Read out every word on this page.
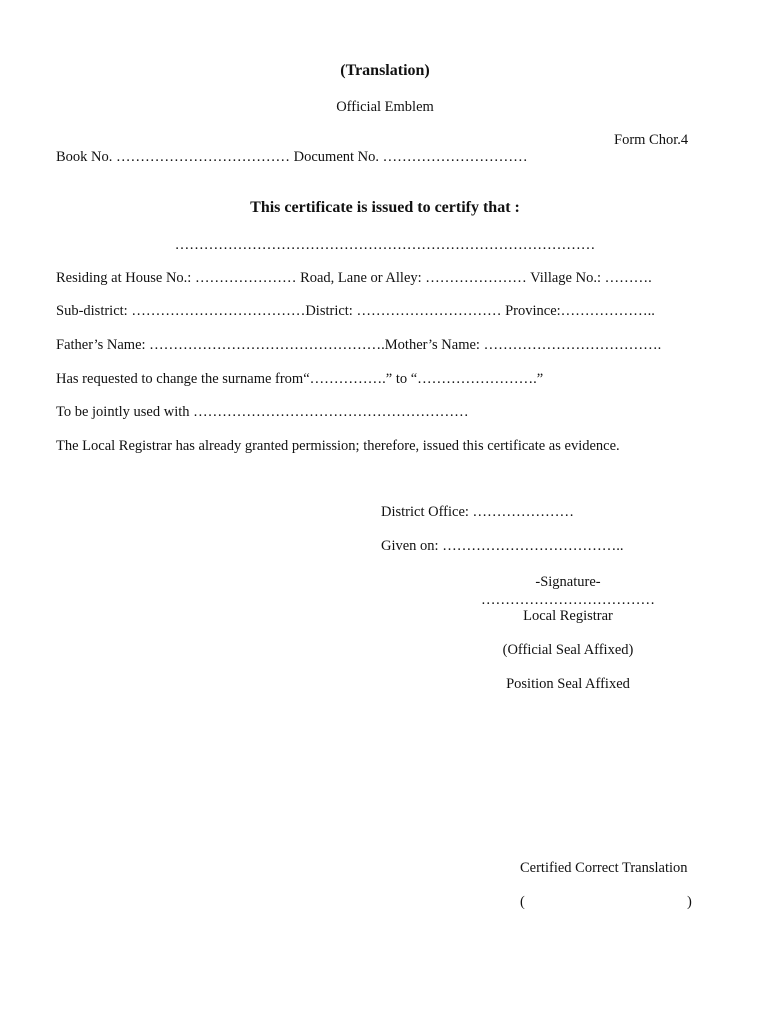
(Translation)
Official Emblem
Form Chor.4
Book No. ……………………………… Document No. …………………………
This certificate is issued to certify that :
……………………………………………………………………………
Residing at House No.: ………………… Road, Lane or Alley: ………………… Village No.: ……….
Sub-district: ………………………………District: ………………………… Province:………………..
Father’s Name: ………………………………………….Mother’s Name: ……………………………….
Has requested to change the surname from“…………….” to “…………………….”
To be jointly used with …………………………………………………
The Local Registrar has already granted permission; therefore, issued this certificate as evidence.
District Office: …………………
Given on: ………………………………..
-Signature-
………………………………
Local Registrar
(Official Seal Affixed)
Position Seal Affixed
Certified Correct Translation
(	)
